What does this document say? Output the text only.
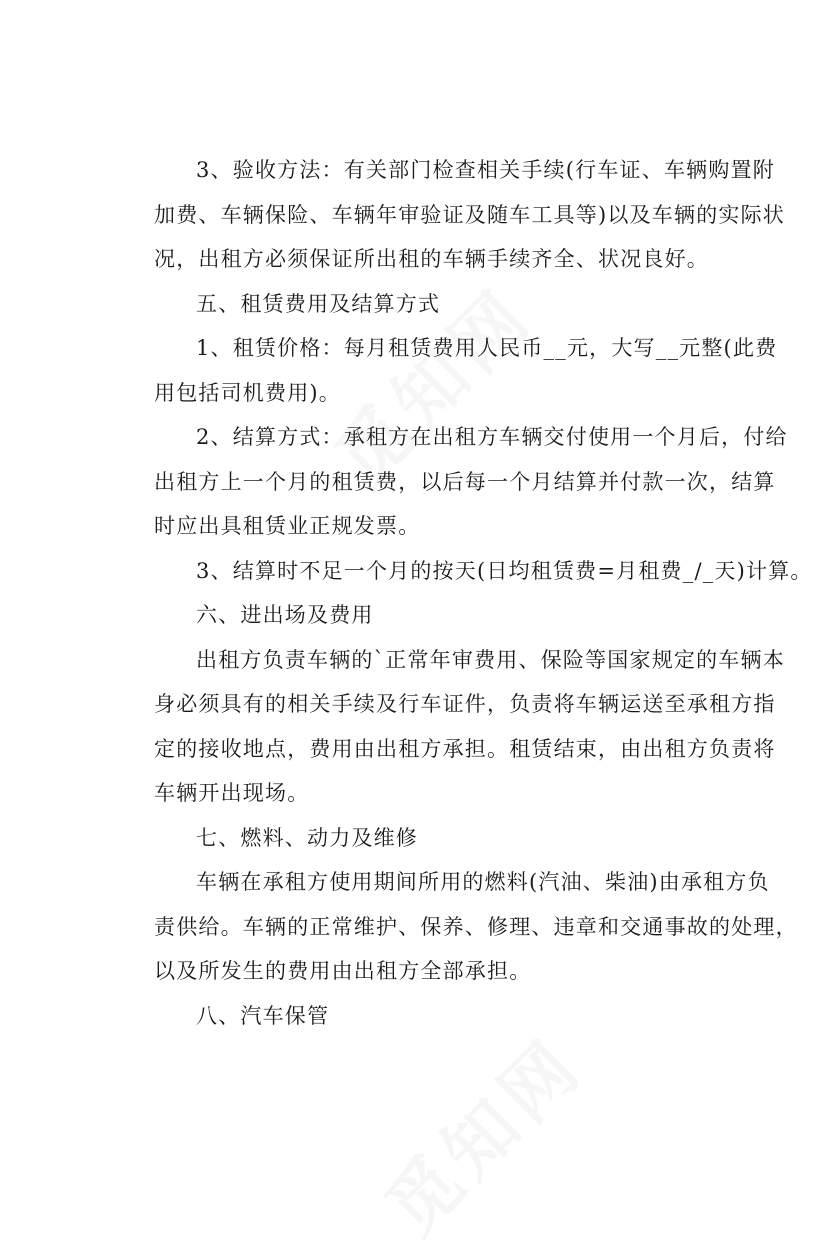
3、验收方法：有关部门检查相关手续(行车证、车辆购置附
加费、车辆保险、车辆年审验证及随车工具等)以及车辆的实际状
况，出租方必须保证所出租的车辆手续齐全、状况良好。

五、租赁费用及结算方式

1、租赁价格：每月租赁费用人民币__元，大写__元整(此费
用包括司机费用)。

2、结算方式：承租方在出租方车辆交付使用一个月后，付给
出租方上一个月的租赁费，以后每一个月结算并付款一次，结算
时应出具租赁业正规发票。

3、结算时不足一个月的按天(日均租赁费=月租费_/_天)计算。

六、进出场及费用

出租方负责车辆的`正常年审费用、保险等国家规定的车辆本
身必须具有的相关手续及行车证件，负责将车辆运送至承租方指
定的接收地点，费用由出租方承担。租赁结束，由出租方负责将
车辆开出现场。

七、燃料、动力及维修

车辆在承租方使用期间所用的燃料(汽油、柴油)由承租方负
责供给。车辆的正常维护、保养、修理、违章和交通事故的处理，
以及所发生的费用由出租方全部承担。

八、汽车保管
